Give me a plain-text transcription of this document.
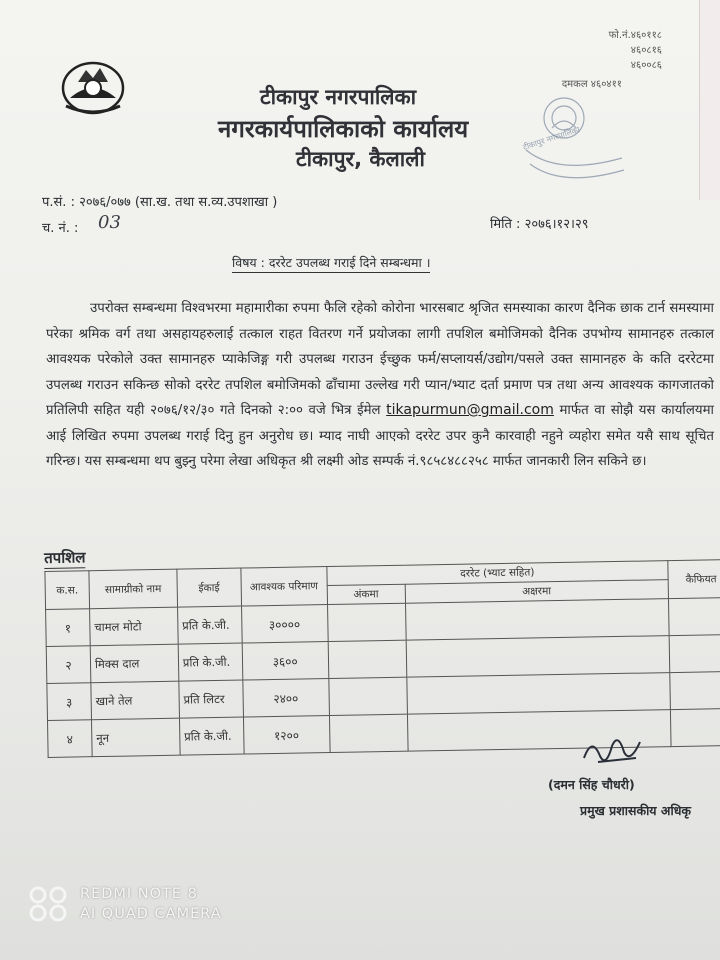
फो.नं.४६०११८
४६०८१६
४६००८६
दमकल ४६०४११
टीकापुर नगरपालिका
नगरकार्यपालिकाको कार्यालय
टीकापुर, कैलाली
टीकापुर नगरपालिका
प.सं. : २०७६/०७७ (सा.ख. तथा स.व्य.उपशाखा )
च. नं. : 03	मिति : २०७६।१२।२९
विषय : दररेट उपलब्ध गराई दिने सम्बन्धमा ।

उपरोक्त सम्बन्धमा विश्वभरमा महामारीका रुपमा फैलि रहेको कोरोना भारसबाट श्रृजित समस्याका कारण दैनिक छाक टार्न समस्यामा परेका श्रमिक वर्ग तथा असहायहरुलाई तत्काल राहत वितरण गर्ने प्रयोजका लागी तपशिल बमोजिमको दैनिक उपभोग्य सामानहरु तत्काल आवश्यक परेकोले उक्त सामानहरु प्याकेजिङ्ग गरी उपलब्ध गराउन ईच्छुक फर्म/सप्लायर्स/उद्योग/पसले उक्त सामानहरु के कति दररेटमा उपलब्ध गराउन सकिन्छ सोको दररेट तपशिल बमोजिमको ढाँचामा उल्लेख गरी प्यान/भ्याट दर्ता प्रमाण पत्र तथा अन्य आवश्यक कागजातको प्रतिलिपी सहित यही २०७६/१२/३० गते दिनको २:०० वजे भित्र ईमेल tikapurmun@gmail.com मार्फत वा सोझै यस कार्यालयमा आई लिखित रुपमा उपलब्ध गराई दिनु हुन अनुरोध छ। म्याद नाघी आएको दररेट उपर कुनै कारवाही नहुने व्यहोरा समेत यसै साथ सूचित गरिन्छ। यस सम्बन्धमा थप बुझ्नु परेमा लेखा अधिकृत श्री लक्ष्मी ओड सम्पर्क नं.९८५८४८८२५८ मार्फत जानकारी लिन सकिने छ।

तपशिल
क.स.	सामाग्रीको नाम	ईकाई	आवश्यक परिमाण	दररेट (भ्याट सहित)		कैफियत
				अंकमा	अक्षरमा	
१	चामल मोटो	प्रति के.जी.	३००००			
२	मिक्स दाल	प्रति के.जी.	३६००			
३	खाने तेल	प्रति लिटर	२४००			
४	नून	प्रति के.जी.	१२००			
(दमन सिंह चौधरी)
प्रमुख प्रशासकीय अधिकृ
REDMI NOTE 8
AI QUAD CAMERA
